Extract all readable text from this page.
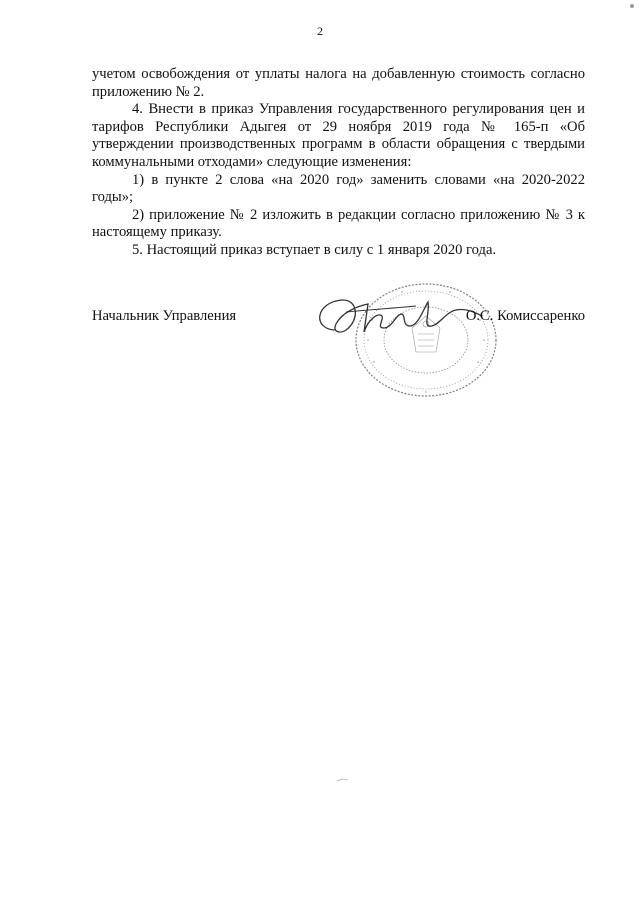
2

учетом освобождения от уплаты налога на добавленную стоимость согласно приложению № 2.

4. Внести в приказ Управления государственного регулирования цен и тарифов Республики Адыгея от 29 ноября 2019 года № 165-п «Об утверждении производственных программ в области обращения с твердыми коммунальными отходами» следующие изменения:

1) в пункте 2 слова «на 2020 год» заменить словами «на 2020-2022 годы»;

2) приложение № 2 изложить в редакции согласно приложению № 3 к настоящему приказу.

5. Настоящий приказ вступает в силу с 1 января 2020 года.

Начальник Управления	О.С. Комиссаренко
